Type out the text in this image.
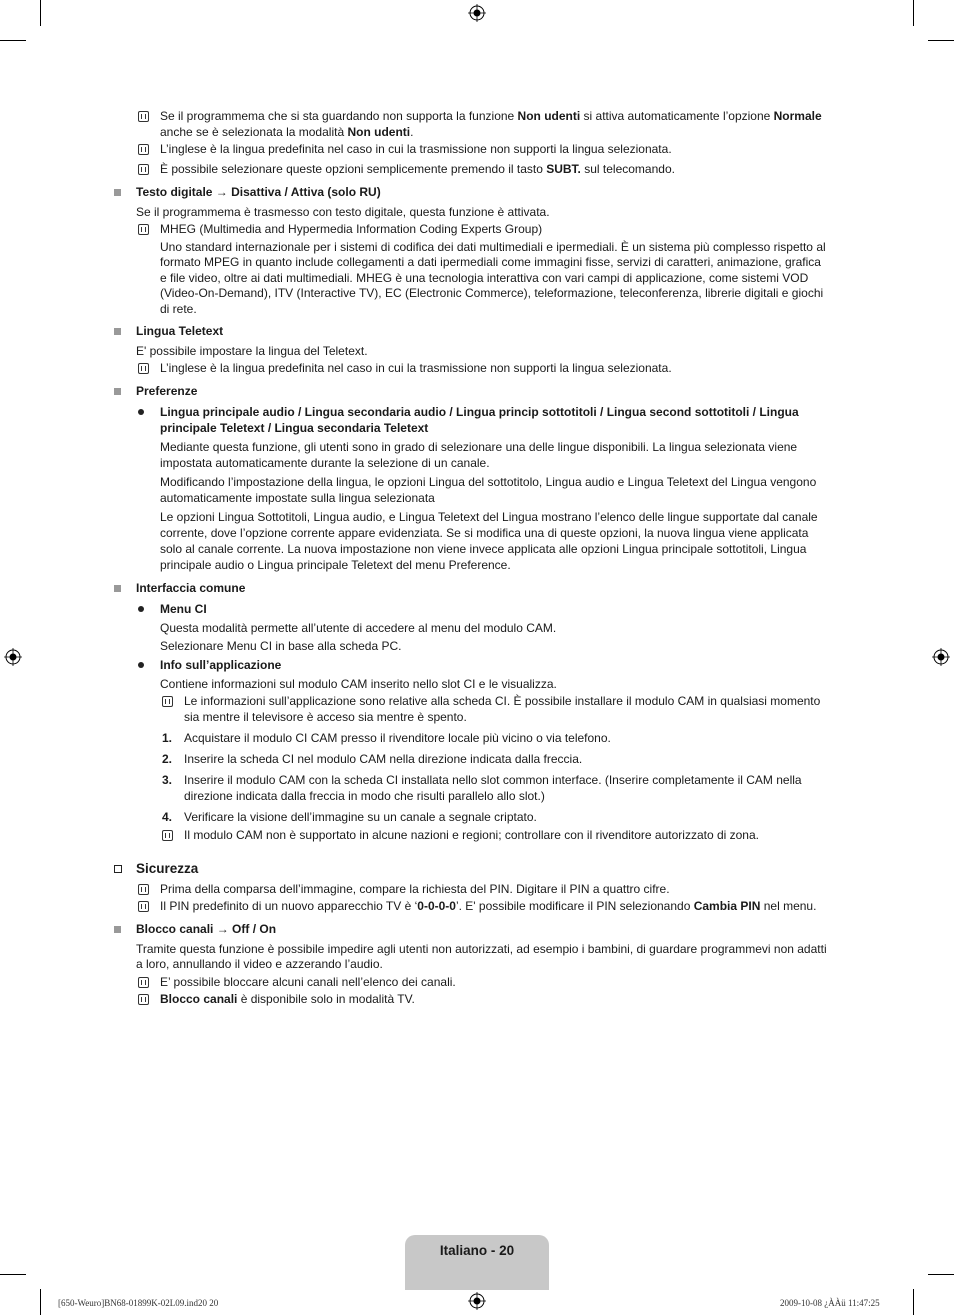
Se il programmema che si sta guardando non supporta la funzione Non udenti si attiva automaticamente l’opzione Normale
anche se è selezionata la modalità Non udenti.
L’inglese è la lingua predefinita nel caso in cui la trasmissione non supporti la lingua selezionata.
È possibile selezionare queste opzioni semplicemente premendo il tasto SUBT. sul telecomando.
Testo digitale → Disattiva / Attiva (solo RU)
Se il programmema è trasmesso con testo digitale, questa funzione è attivata.
MHEG (Multimedia and Hypermedia Information Coding Experts Group)
Uno standard internazionale per i sistemi di codifica dei dati multimediali e ipermediali. È un sistema più complesso rispetto al
formato MPEG in quanto include collegamenti a dati ipermediali come immagini fisse, servizi di caratteri, animazione, grafica
e file video, oltre ai dati multimediali. MHEG è una tecnologia interattiva con vari campi di applicazione, come sistemi VOD
(Video-On-Demand), ITV (Interactive TV), EC (Electronic Commerce), teleformazione, teleconferenza, librerie digitali e giochi
di rete.
Lingua Teletext
E' possibile impostare la lingua del Teletext.
L’inglese è la lingua predefinita nel caso in cui la trasmissione non supporti la lingua selezionata.
Preferenze
Lingua principale audio / Lingua secondaria audio / Lingua princip sottotitoli / Lingua second sottotitoli / Lingua
principale Teletext / Lingua secondaria Teletext
Mediante questa funzione, gli utenti sono in grado di selezionare una delle lingue disponibili. La lingua selezionata viene
impostata automaticamente durante la selezione di un canale.
Modificando l’impostazione della lingua, le opzioni Lingua del sottotitolo, Lingua audio e Lingua Teletext del Lingua vengono
automaticamente impostate sulla lingua selezionata
Le opzioni Lingua Sottotitoli, Lingua audio, e Lingua Teletext del Lingua mostrano l’elenco delle lingue supportate dal canale
corrente, dove l’opzione corrente appare evidenziata. Se si modifica una di queste opzioni, la nuova lingua viene applicata
solo al canale corrente. La nuova impostazione non viene invece applicata alle opzioni Lingua principale sottotitoli, Lingua
principale audio o Lingua principale Teletext del menu Preference.
Interfaccia comune
Menu CI
Questa modalità permette all’utente di accedere al menu del modulo CAM.
Selezionare Menu CI in base alla scheda PC.
Info sull’applicazione
Contiene informazioni sul modulo CAM inserito nello slot CI e le visualizza.
Le informazioni sull’applicazione sono relative alla scheda CI. È possibile installare il modulo CAM in qualsiasi momento
sia mentre il televisore è acceso sia mentre è spento.
1. Acquistare il modulo CI CAM presso il rivenditore locale più vicino o via telefono.
2. Inserire la scheda CI nel modulo CAM nella direzione indicata dalla freccia.
3. Inserire il modulo CAM con la scheda CI installata nello slot common interface. (Inserire completamente il CAM nella
direzione indicata dalla freccia in modo che risulti parallelo allo slot.)
4. Verificare la visione dell’immagine su un canale a segnale criptato.
Il modulo CAM non è supportato in alcune nazioni e regioni; controllare con il rivenditore autorizzato di zona.
Sicurezza
Prima della comparsa dell’immagine, compare la richiesta del PIN. Digitare il PIN a quattro cifre.
Il PIN predefinito di un nuovo apparecchio TV è ‘0-0-0-0’. E' possibile modificare il PIN selezionando Cambia PIN nel menu.
Blocco canali → Off / On
Tramite questa funzione è possibile impedire agli utenti non autorizzati, ad esempio i bambini, di guardare programmevi non adatti
a loro, annullando il video e azzerando l’audio.
E’ possibile bloccare alcuni canali nell’elenco dei canali.
Blocco canali è disponibile solo in modalità TV.
Italiano - 20
[650-Weuro]BN68-01899K-02L09.ind20 20	2009-10-08 ¿ÀÀü 11:47:25
